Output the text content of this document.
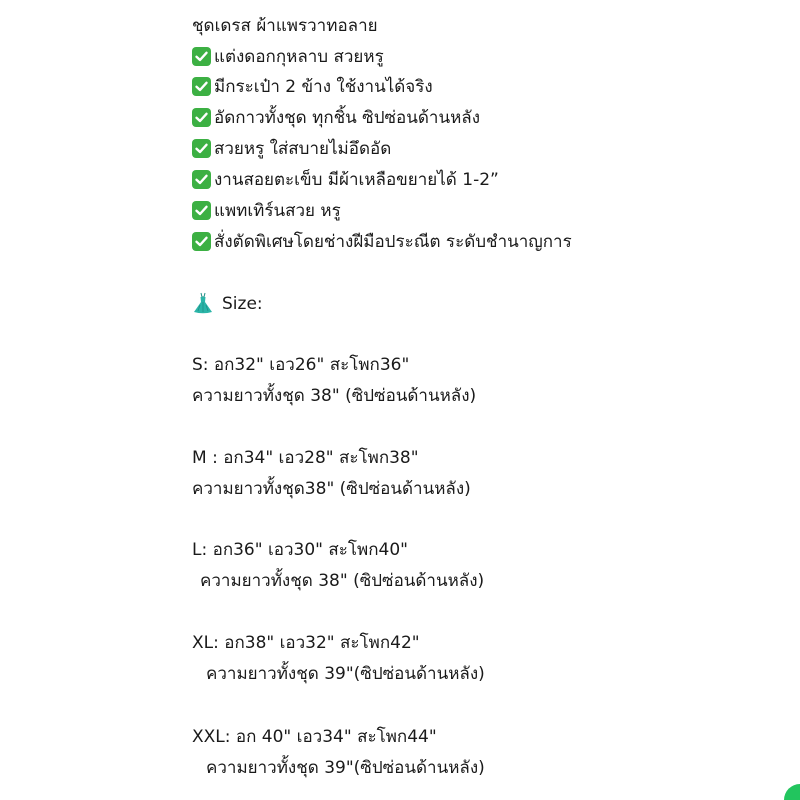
ชุดเดรส ผ้าแพรวาทอลาย
แต่งดอกกุหลาบ สวยหรู
มีกระเป๋า 2 ข้าง ใช้งานได้จริง
อัดกาวทั้งชุด ทุกชิ้น ซิปซ่อนด้านหลัง
สวยหรู ใส่สบายไม่อึดอัด
งานสอยตะเข็บ มีผ้าเหลือขยายได้ 1-2”
แพทเทิร์นสวย หรู
สั่งตัดพิเศษโดยช่างฝีมือประณีต ระดับชำนาญการ
Size:
S: อก32" เอว26" สะโพก36"
ความยาวทั้งชุด 38" (ซิปซ่อนด้านหลัง)
M : อก34" เอว28" สะโพก38"
ความยาวทั้งชุด38" (ซิปซ่อนด้านหลัง)
L: อก36" เอว30" สะโพก40"
ความยาวทั้งชุด 38" (ซิปซ่อนด้านหลัง)
XL: อก38" เอว32" สะโพก42"
ความยาวทั้งชุด 39"(ซิปซ่อนด้านหลัง)
XXL: อก 40" เอว34" สะโพก44"
ความยาวทั้งชุด 39"(ซิปซ่อนด้านหลัง)
